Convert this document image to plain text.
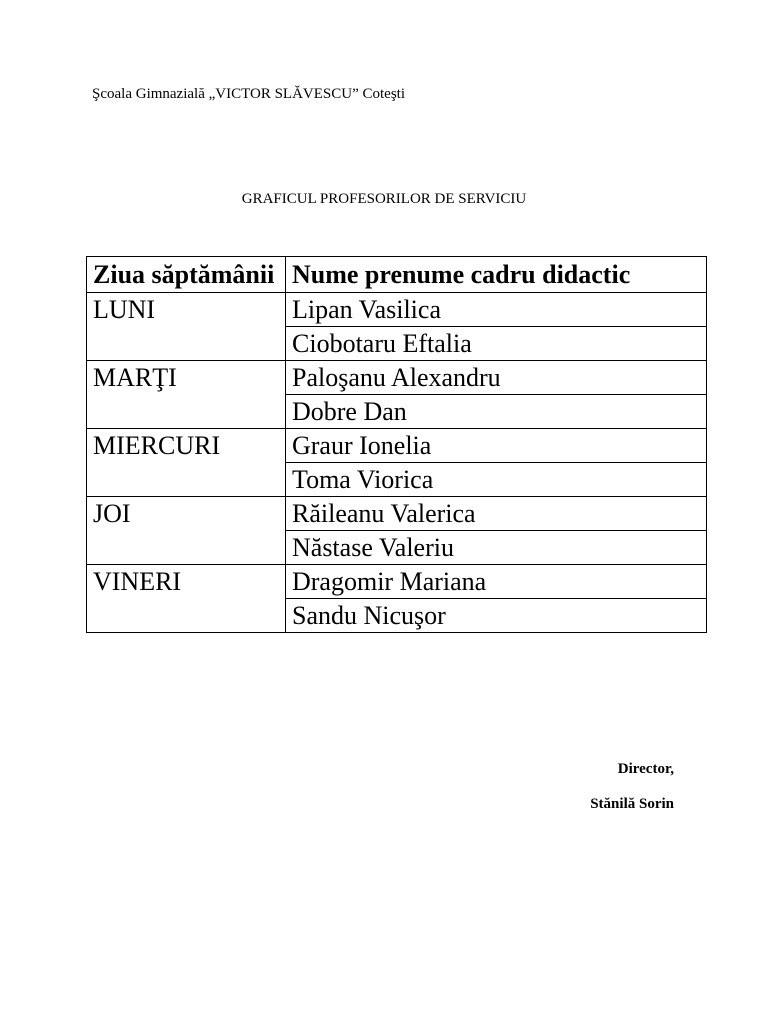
Şcoala Gimnazială „VICTOR SLĂVESCU” Coteşti
GRAFICUL PROFESORILOR DE SERVICIU
Ziua săptămânii	Nume prenume cadru didactic
LUNI	Lipan Vasilica
	Ciobotaru Eftalia
MARŢI	Paloşanu Alexandru
	Dobre Dan
MIERCURI	Graur Ionelia
	Toma Viorica
JOI	Răileanu Valerica
	Năstase Valeriu
VINERI	Dragomir Mariana
	Sandu Nicuşor
Director,
Stănilă Sorin
